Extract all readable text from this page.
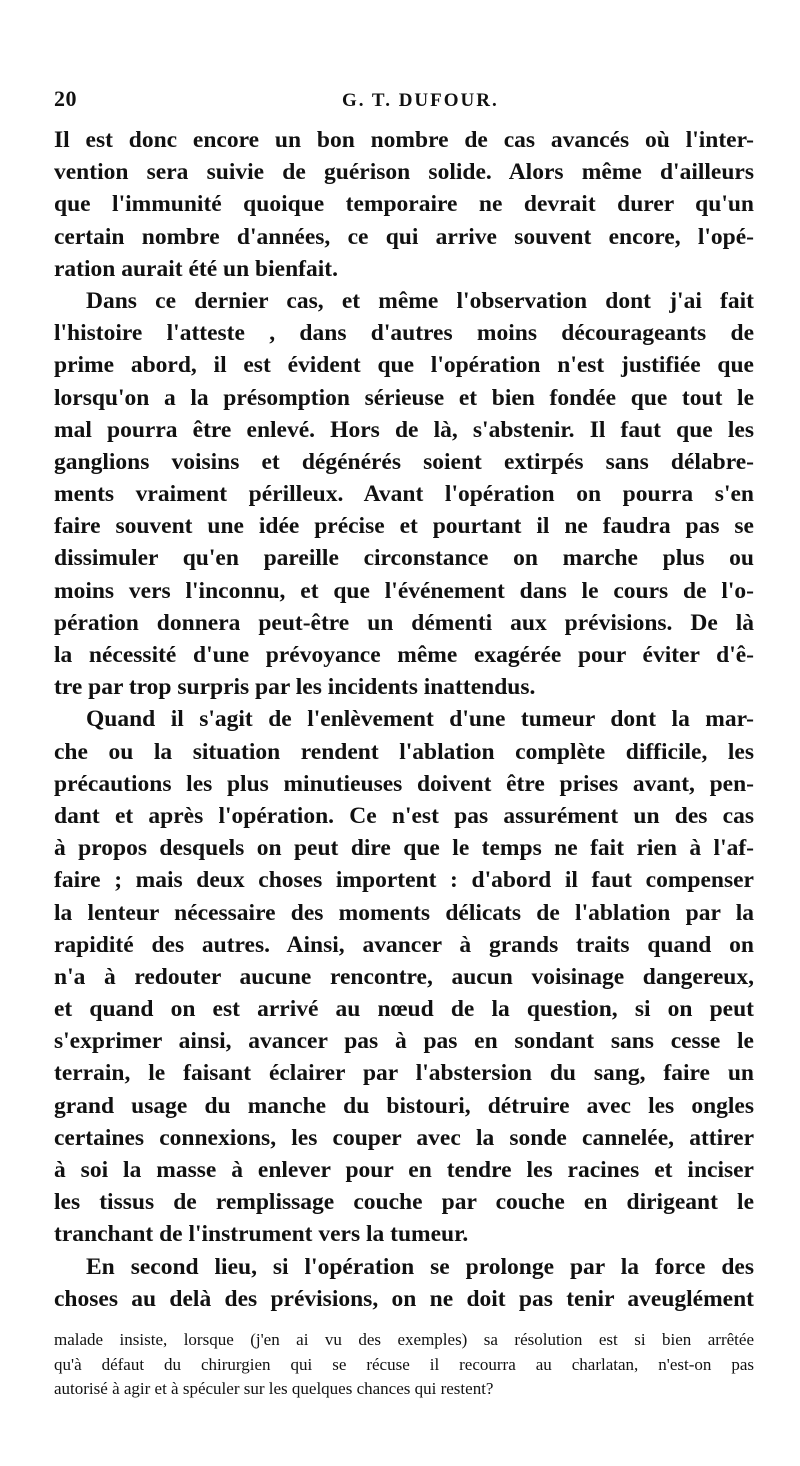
20	G. T. DUFOUR.
Il est donc encore un bon nombre de cas avancés où l'inter-
vention sera suivie de guérison solide. Alors même d'ailleurs
que l'immunité quoique temporaire ne devrait durer qu'un
certain nombre d'années, ce qui arrive souvent encore, l'opé-
ration aurait été un bienfait.
Dans ce dernier cas, et même l'observation dont j'ai fait
l'histoire l'atteste , dans d'autres moins décourageants de
prime abord, il est évident que l'opération n'est justifiée que
lorsqu'on a la présomption sérieuse et bien fondée que tout le
mal pourra être enlevé. Hors de là, s'abstenir. Il faut que les
ganglions voisins et dégénérés soient extirpés sans délabre-
ments vraiment périlleux. Avant l'opération on pourra s'en
faire souvent une idée précise et pourtant il ne faudra pas se
dissimuler qu'en pareille circonstance on marche plus ou
moins vers l'inconnu, et que l'événement dans le cours de l'o-
pération donnera peut-être un démenti aux prévisions. De là
la nécessité d'une prévoyance même exagérée pour éviter d'ê-
tre par trop surpris par les incidents inattendus.
Quand il s'agit de l'enlèvement d'une tumeur dont la mar-
che ou la situation rendent l'ablation complète difficile, les
précautions les plus minutieuses doivent être prises avant, pen-
dant et après l'opération. Ce n'est pas assurément un des cas
à propos desquels on peut dire que le temps ne fait rien à l'af-
faire ; mais deux choses importent : d'abord il faut compenser
la lenteur nécessaire des moments délicats de l'ablation par la
rapidité des autres. Ainsi, avancer à grands traits quand on
n'a à redouter aucune rencontre, aucun voisinage dangereux,
et quand on est arrivé au nœud de la question, si on peut
s'exprimer ainsi, avancer pas à pas en sondant sans cesse le
terrain, le faisant éclairer par l'abstersion du sang, faire un
grand usage du manche du bistouri, détruire avec les ongles
certaines connexions, les couper avec la sonde cannelée, attirer
à soi la masse à enlever pour en tendre les racines et inciser
les tissus de remplissage couche par couche en dirigeant le
tranchant de l'instrument vers la tumeur.
En second lieu, si l'opération se prolonge par la force des
choses au delà des prévisions, on ne doit pas tenir aveuglément
malade insiste, lorsque (j'en ai vu des exemples) sa résolution est si bien arrêtée
qu'à défaut du chirurgien qui se récuse il recourra au charlatan, n'est-on pas
autorisé à agir et à spéculer sur les quelques chances qui restent?
